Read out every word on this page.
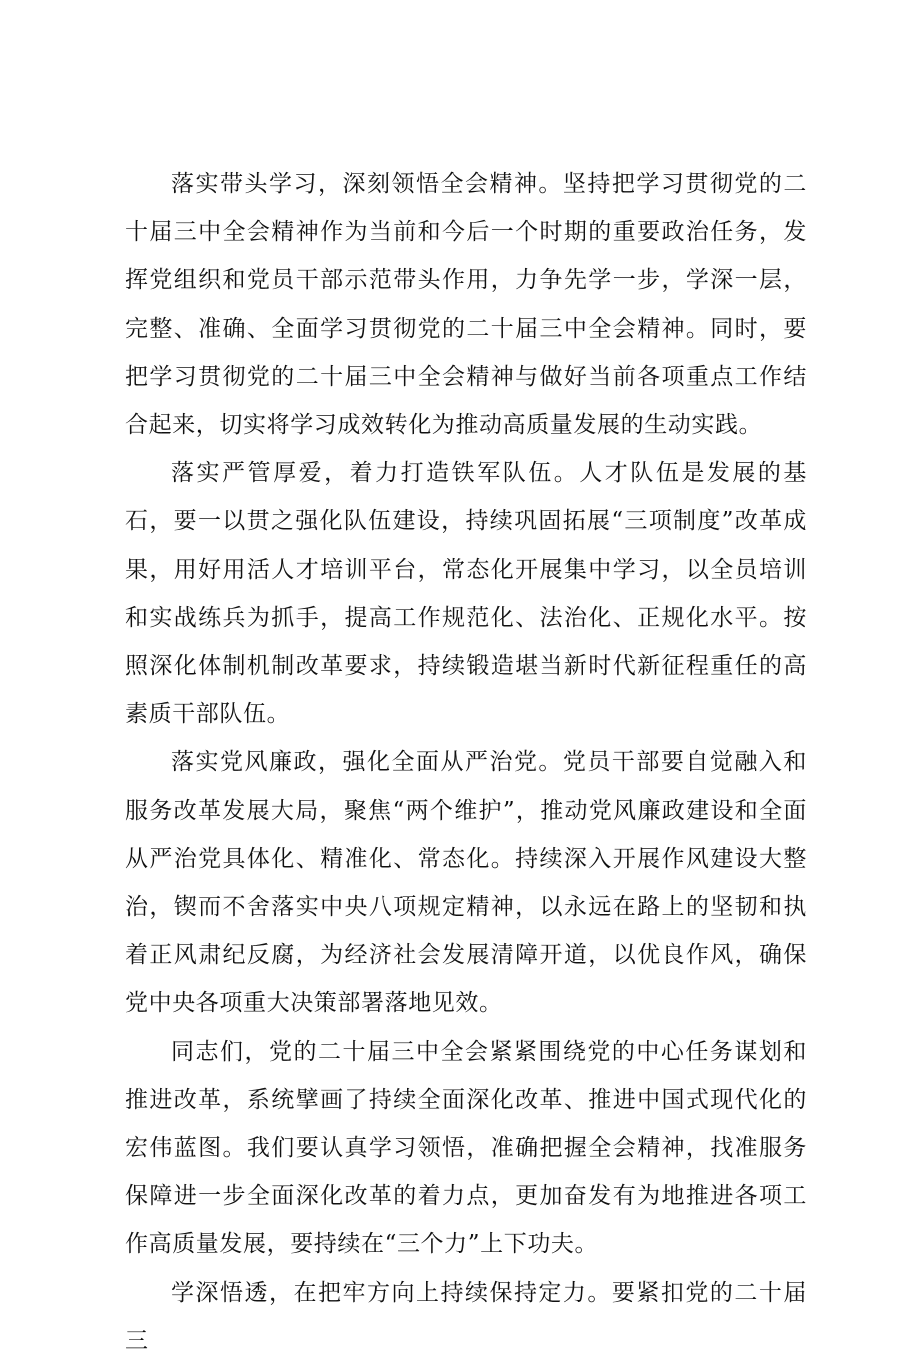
落实带头学习，深刻领悟全会精神。坚持把学习贯彻党的二十届三中全会精神作为当前和今后一个时期的重要政治任务，发挥党组织和党员干部示范带头作用，力争先学一步，学深一层，完整、准确、全面学习贯彻党的二十届三中全会精神。同时，要把学习贯彻党的二十届三中全会精神与做好当前各项重点工作结合起来，切实将学习成效转化为推动高质量发展的生动实践。

落实严管厚爱，着力打造铁军队伍。人才队伍是发展的基石，要一以贯之强化队伍建设，持续巩固拓展“三项制度”改革成果，用好用活人才培训平台，常态化开展集中学习，以全员培训和实战练兵为抓手，提高工作规范化、法治化、正规化水平。按照深化体制机制改革要求，持续锻造堪当新时代新征程重任的高素质干部队伍。

落实党风廉政，强化全面从严治党。党员干部要自觉融入和服务改革发展大局，聚焦“两个维护”，推动党风廉政建设和全面从严治党具体化、精准化、常态化。持续深入开展作风建设大整治，锲而不舍落实中央八项规定精神，以永远在路上的坚韧和执着正风肃纪反腐，为经济社会发展清障开道，以优良作风，确保党中央各项重大决策部署落地见效。

同志们，党的二十届三中全会紧紧围绕党的中心任务谋划和推进改革，系统擘画了持续全面深化改革、推进中国式现代化的宏伟蓝图。我们要认真学习领悟，准确把握全会精神，找准服务保障进一步全面深化改革的着力点，更加奋发有为地推进各项工作高质量发展，要持续在“三个力”上下功夫。

学深悟透，在把牢方向上持续保持定力。要紧扣党的二十届三
